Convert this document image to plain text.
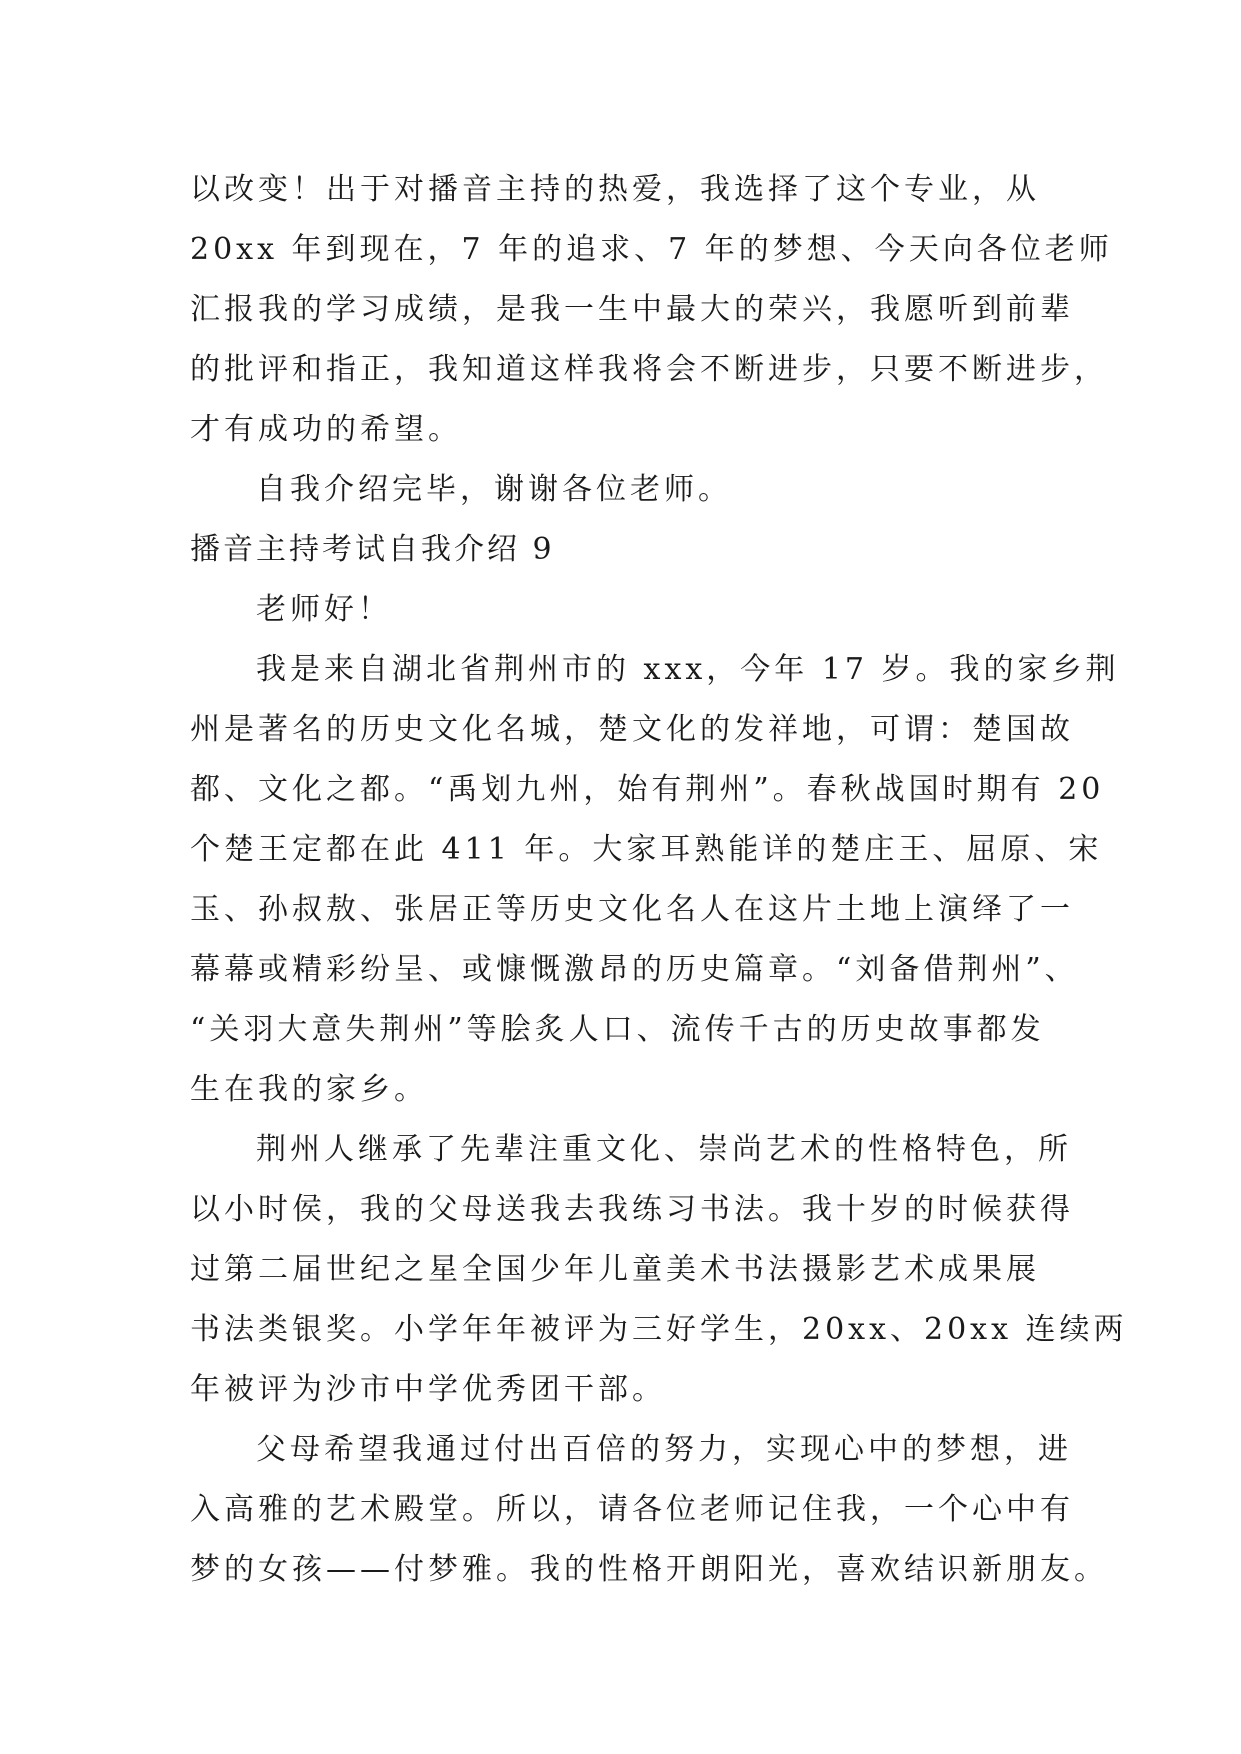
以改变！出于对播音主持的热爱，我选择了这个专业，从
20xx 年到现在，7 年的追求、7 年的梦想、今天向各位老师
汇报我的学习成绩，是我一生中最大的荣兴，我愿听到前辈
的批评和指正，我知道这样我将会不断进步，只要不断进步，
才有成功的希望。

自我介绍完毕，谢谢各位老师。

播音主持考试自我介绍 9

老师好！

我是来自湖北省荆州市的 xxx，今年 17 岁。我的家乡荆
州是著名的历史文化名城，楚文化的发祥地，可谓：楚国故
都、文化之都。“禹划九州，始有荆州”。春秋战国时期有 20
个楚王定都在此 411 年。大家耳熟能详的楚庄王、屈原、宋
玉、孙叔敖、张居正等历史文化名人在这片土地上演绎了一
幕幕或精彩纷呈、或慷慨激昂的历史篇章。“刘备借荆州”、
“关羽大意失荆州”等脍炙人口、流传千古的历史故事都发
生在我的家乡。

荆州人继承了先辈注重文化、崇尚艺术的性格特色，所
以小时侯，我的父母送我去我练习书法。我十岁的时候获得
过第二届世纪之星全国少年儿童美术书法摄影艺术成果展
书法类银奖。小学年年被评为三好学生，20xx、20xx 连续两
年被评为沙市中学优秀团干部。

父母希望我通过付出百倍的努力，实现心中的梦想，进
入高雅的艺术殿堂。所以，请各位老师记住我，一个心中有
梦的女孩——付梦雅。我的性格开朗阳光，喜欢结识新朋友。
